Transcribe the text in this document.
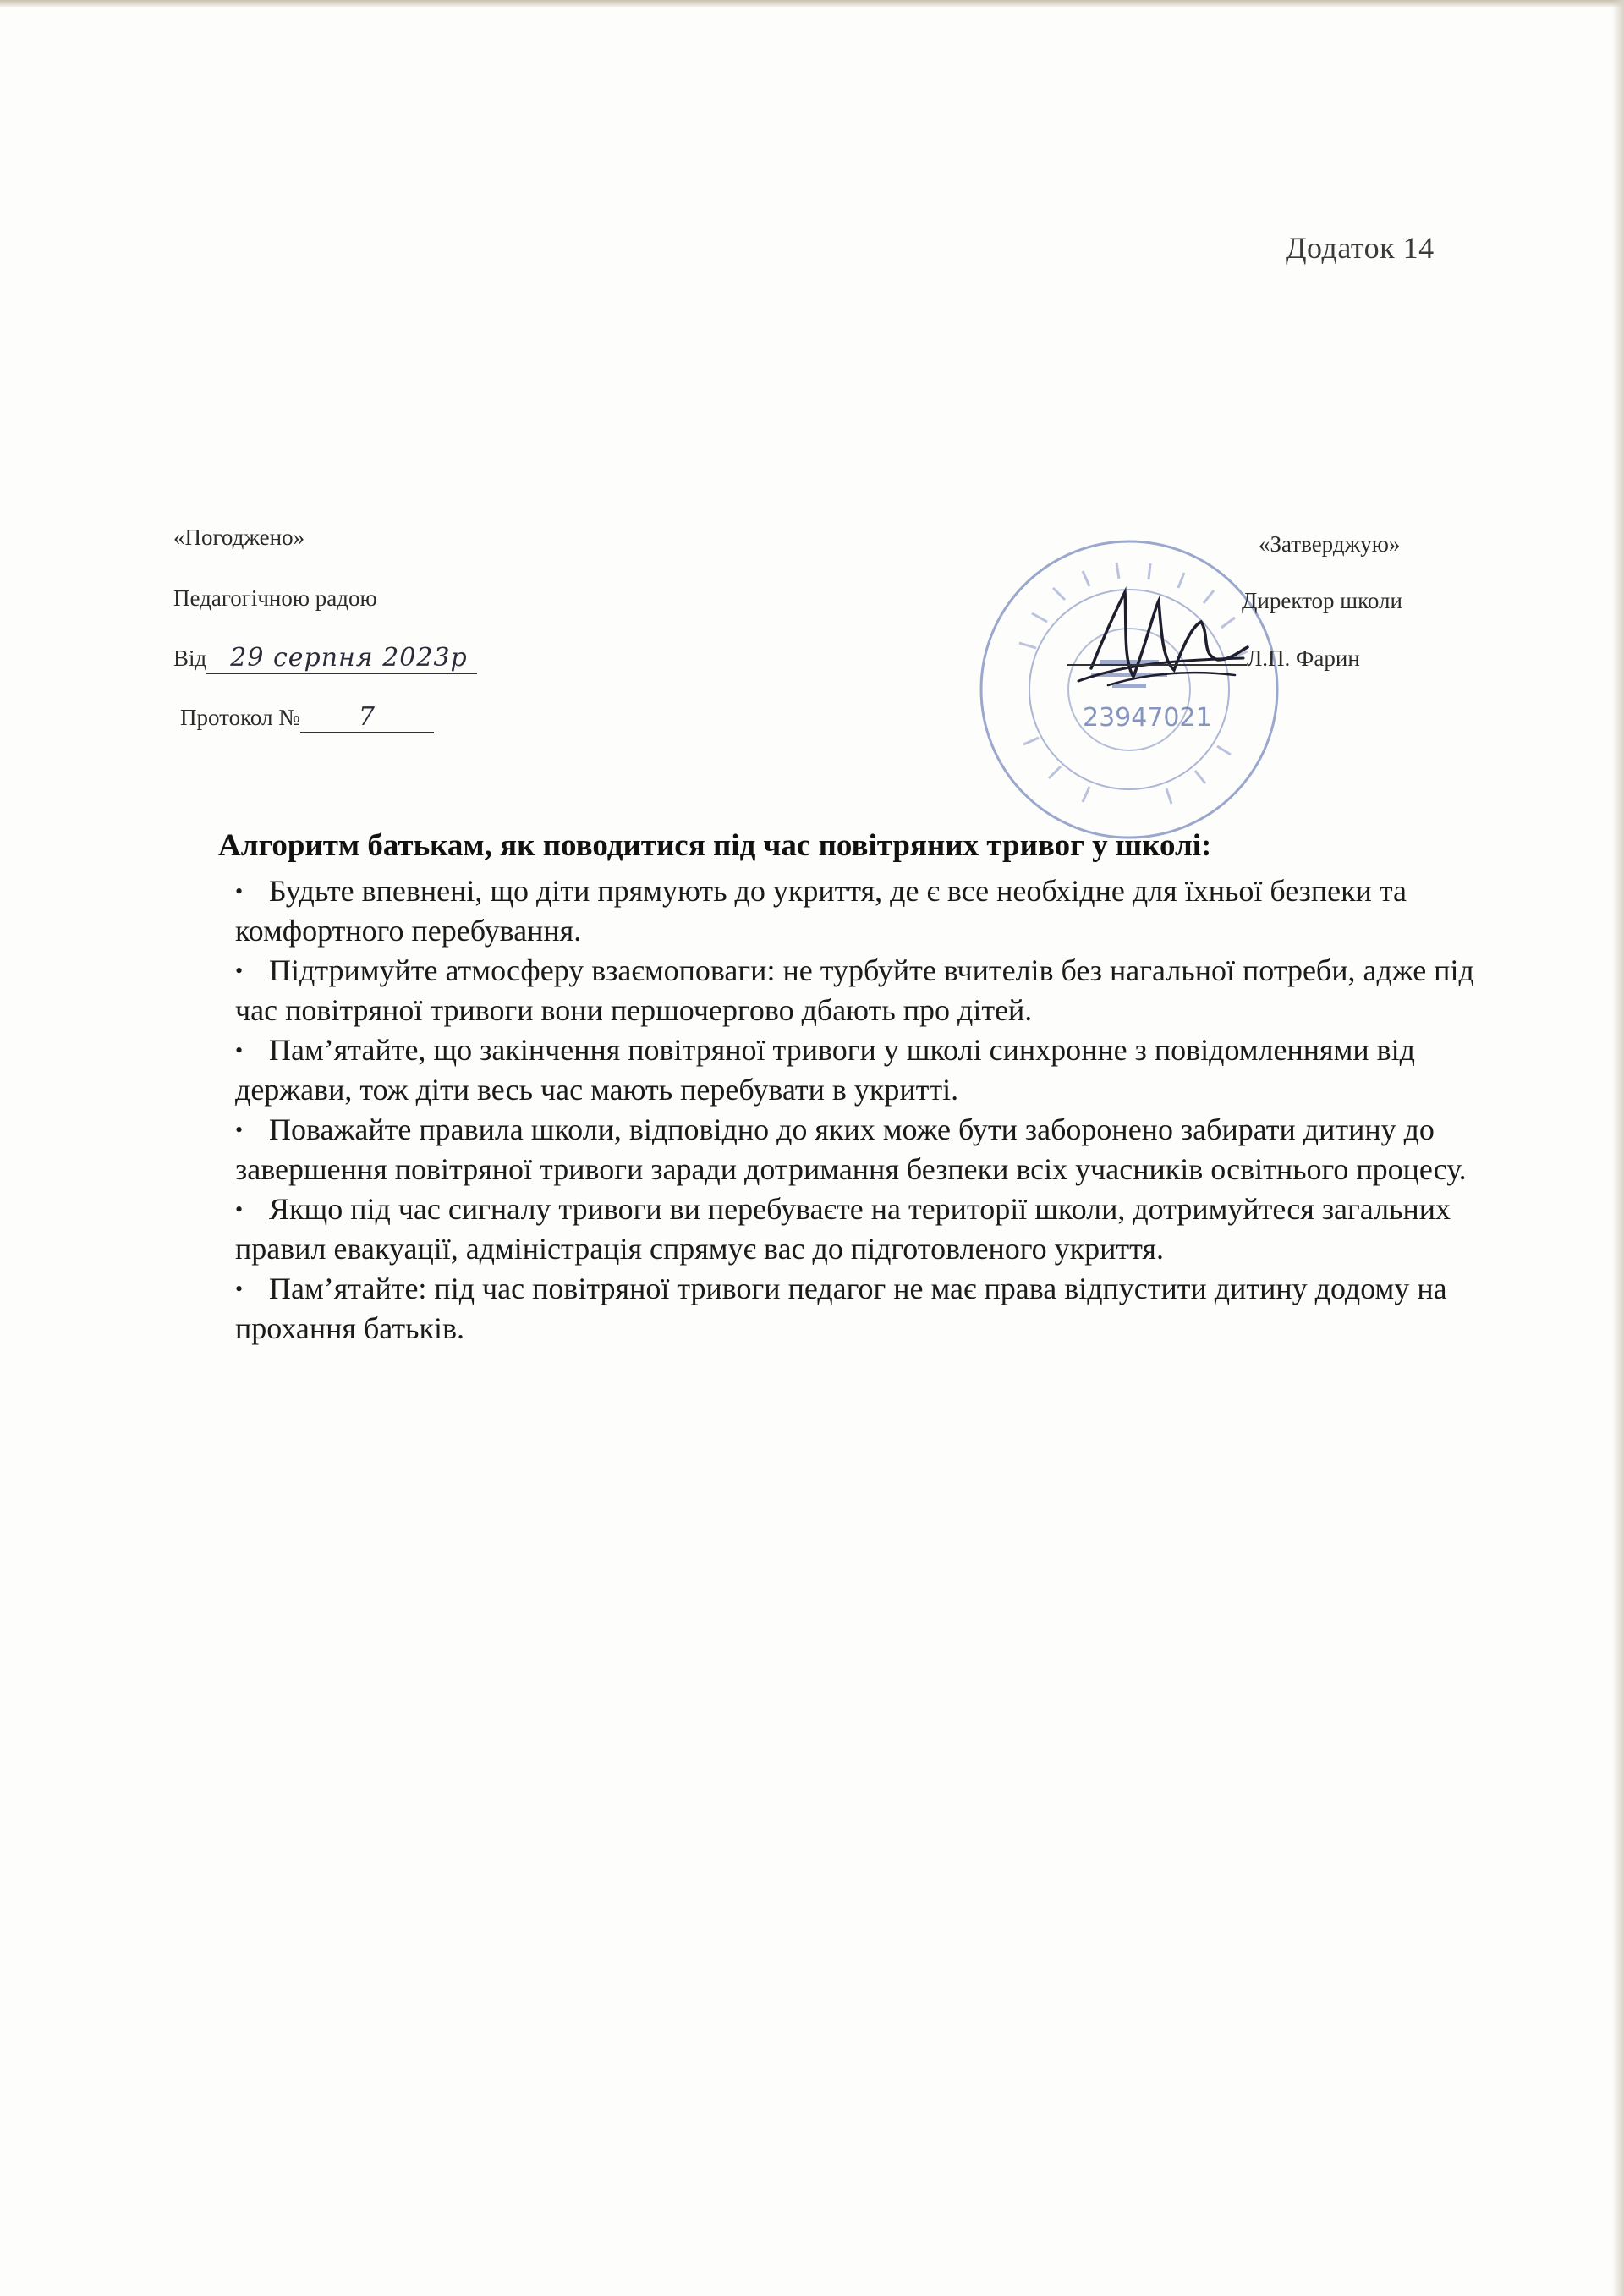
Додаток 14
«Погоджено»
Педагогічною радою
Від 29 серпня 2023р
Протокол № 7	23947021
«Затверджую»
Директор школи
Л.П. Фарин
Алгоритм батькам, як поводитися під час повітряних тривог у школі:
• Будьте впевнені, що діти прямують до укриття, де є все необхідне для їхньої безпеки та комфортного перебування.
• Підтримуйте атмосферу взаємоповаги: не турбуйте вчителів без нагальної потреби, адже під час повітряної тривоги вони першочергово дбають про дітей.
• Пам’ятайте, що закінчення повітряної тривоги у школі синхронне з повідомленнями від держави, тож діти весь час мають перебувати в укритті.
• Поважайте правила школи, відповідно до яких може бути заборонено забирати дитину до завершення повітряної тривоги заради дотримання безпеки всіх учасників освітнього процесу.
• Якщо під час сигналу тривоги ви перебуваєте на території школи, дотримуйтеся загальних правил евакуації, адміністрація спрямує вас до підготовленого укриття.
• Пам’ятайте: під час повітряної тривоги педагог не має права відпустити дитину додому на прохання батьків.
